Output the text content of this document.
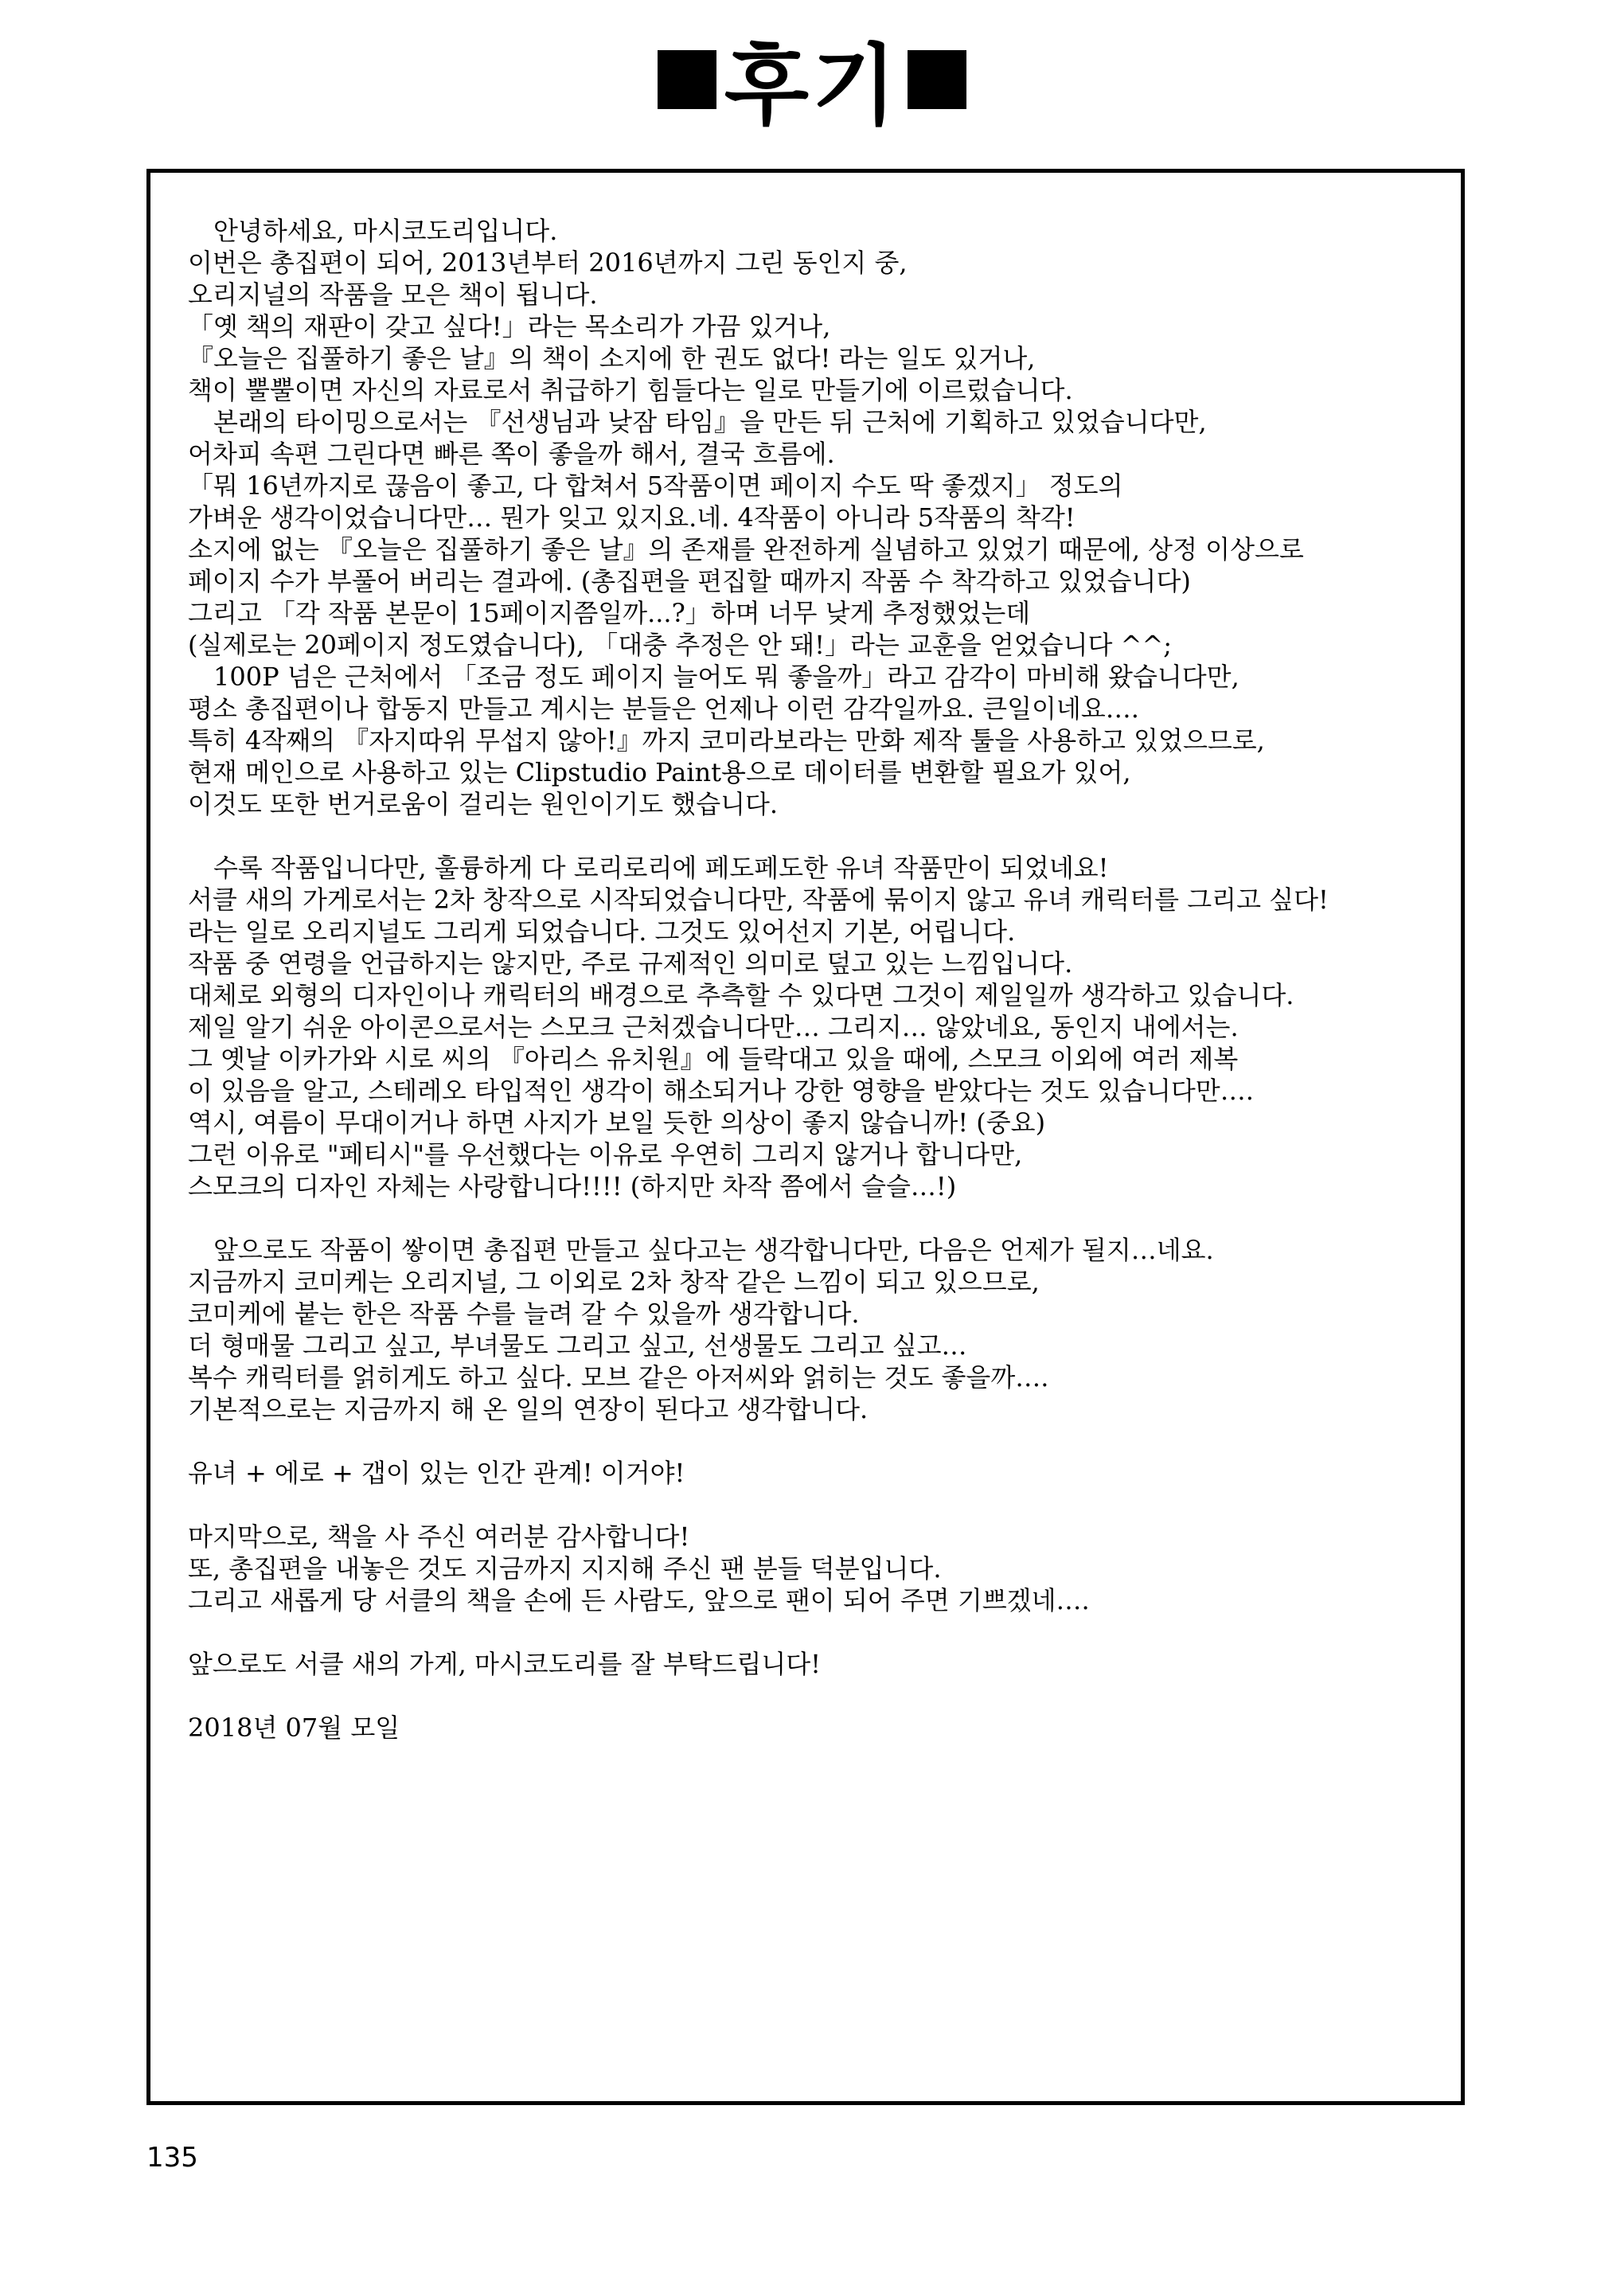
후기
　안녕하세요, 마시코도리입니다.
이번은 총집편이 되어, 2013년부터 2016년까지 그린 동인지 중,
오리지널의 작품을 모은 책이 됩니다.
「옛 책의 재판이 갖고 싶다!」라는 목소리가 가끔 있거나,
『오늘은 집풀하기 좋은 날』의 책이 소지에 한 권도 없다! 라는 일도 있거나,
책이 뿔뿔이면 자신의 자료로서 취급하기 힘들다는 일로 만들기에 이르렀습니다.
　본래의 타이밍으로서는 『선생님과 낮잠 타임』을 만든 뒤 근처에 기획하고 있었습니다만,
어차피 속편 그린다면 빠른 쪽이 좋을까 해서, 결국 흐름에.
「뭐 16년까지로 끊음이 좋고, 다 합쳐서 5작품이면 페이지 수도 딱 좋겠지」 정도의
가벼운 생각이었습니다만… 뭔가 잊고 있지요.네. 4작품이 아니라 5작품의 착각!
소지에 없는 『오늘은 집풀하기 좋은 날』의 존재를 완전하게 실념하고 있었기 때문에, 상정 이상으로
페이지 수가 부풀어 버리는 결과에. (총집편을 편집할 때까지 작품 수 착각하고 있었습니다)
그리고 「각 작품 본문이 15페이지쯤일까...?」하며 너무 낮게 추정했었는데
(실제로는 20페이지 정도였습니다), 「대충 추정은 안 돼!」라는 교훈을 얻었습니다 ^^;
　100P 넘은 근처에서 「조금 정도 페이지 늘어도 뭐 좋을까」라고 감각이 마비해 왔습니다만,
평소 총집편이나 합동지 만들고 계시는 분들은 언제나 이런 감각일까요. 큰일이네요….
특히 4작째의 『자지따위 무섭지 않아!』까지 코미라보라는 만화 제작 툴을 사용하고 있었으므로,
현재 메인으로 사용하고 있는 Clipstudio Paint용으로 데이터를 변환할 필요가 있어,
이것도 또한 번거로움이 걸리는 원인이기도 했습니다.
　수록 작품입니다만, 훌륭하게 다 로리로리에 페도페도한 유녀 작품만이 되었네요!
서클 새의 가게로서는 2차 창작으로 시작되었습니다만, 작품에 묶이지 않고 유녀 캐릭터를 그리고 싶다!
라는 일로 오리지널도 그리게 되었습니다. 그것도 있어선지 기본, 어립니다.
작품 중 연령을 언급하지는 않지만, 주로 규제적인 의미로 덮고 있는 느낌입니다.
대체로 외형의 디자인이나 캐릭터의 배경으로 추측할 수 있다면 그것이 제일일까 생각하고 있습니다.
제일 알기 쉬운 아이콘으로서는 스모크 근처겠습니다만… 그리지… 않았네요, 동인지 내에서는.
그 옛날 이카가와 시로 씨의 『아리스 유치원』에 들락대고 있을 때에, 스모크 이외에 여러 제복
이 있음을 알고, 스테레오 타입적인 생각이 해소되거나 강한 영향을 받았다는 것도 있습니다만….
역시, 여름이 무대이거나 하면 사지가 보일 듯한 의상이 좋지 않습니까! (중요)
그런 이유로 "페티시"를 우선했다는 이유로 우연히 그리지 않거나 합니다만,
스모크의 디자인 자체는 사랑합니다!!!! (하지만 차작 쯤에서 슬슬…!)
　앞으로도 작품이 쌓이면 총집편 만들고 싶다고는 생각합니다만, 다음은 언제가 될지…네요.
지금까지 코미케는 오리지널, 그 이외로 2차 창작 같은 느낌이 되고 있으므로,
코미케에 붙는 한은 작품 수를 늘려 갈 수 있을까 생각합니다.
더 형매물 그리고 싶고, 부녀물도 그리고 싶고, 선생물도 그리고 싶고…
복수 캐릭터를 얽히게도 하고 싶다. 모브 같은 아저씨와 얽히는 것도 좋을까….
기본적으로는 지금까지 해 온 일의 연장이 된다고 생각합니다.
유녀 + 에로 + 갭이 있는 인간 관계! 이거야!
마지막으로, 책을 사 주신 여러분 감사합니다!
또, 총집편을 내놓은 것도 지금까지 지지해 주신 팬 분들 덕분입니다.
그리고 새롭게 당 서클의 책을 손에 든 사람도, 앞으로 팬이 되어 주면 기쁘겠네….
앞으로도 서클 새의 가게, 마시코도리를 잘 부탁드립니다!
2018년 07월 모일
135
